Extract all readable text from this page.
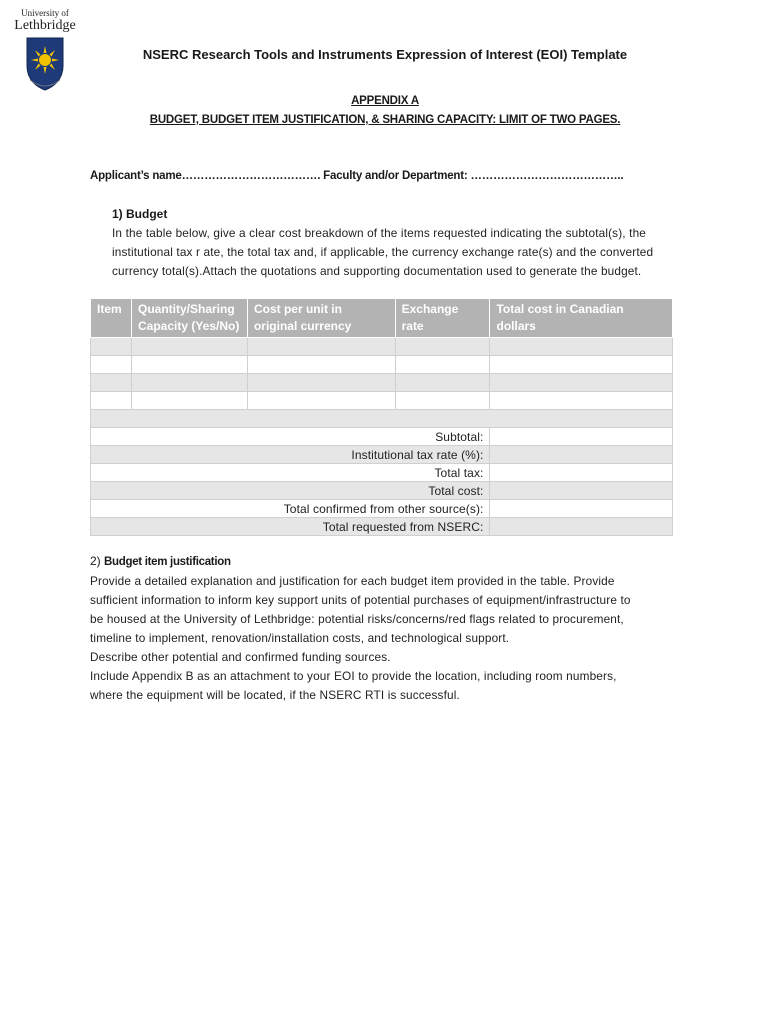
University of
Lethbridge
NSERC Research Tools and Instruments Expression of Interest (EOI) Template
APPENDIX A
BUDGET, BUDGET ITEM JUSTIFICATION, & SHARING CAPACITY: LIMIT OF TWO PAGES.
Applicant’s name………………………………. Faculty and/or Department: …………………………………..
1) Budget
In the table below, give a clear cost breakdown of the items requested indicating the subtotal(s), the institutional tax r ate, the total tax and, if applicable, the currency exchange rate(s) and the converted currency total(s).Attach the quotations and supporting documentation used to generate the budget.
Item	Quantity/Sharing Capacity (Yes/No)	Cost per unit in original currency	Exchange rate	Total cost in Canadian dollars

Subtotal:				
Institutional tax rate (%):				
Total tax:				
Total cost:				
Total confirmed from other source(s):				
Total requested from NSERC:				
2) Budget item justification
Provide a detailed explanation and justification for each budget item provided in the table. Provide
sufficient information to inform key support units of potential purchases of equipment/infrastructure to
be housed at the University of Lethbridge: potential risks/concerns/red flags related to procurement,
timeline to implement, renovation/installation costs, and technological support.
Describe other potential and confirmed funding sources.
Include Appendix B as an attachment to your EOI to provide the location, including room numbers,
where the equipment will be located, if the NSERC RTI is successful.
